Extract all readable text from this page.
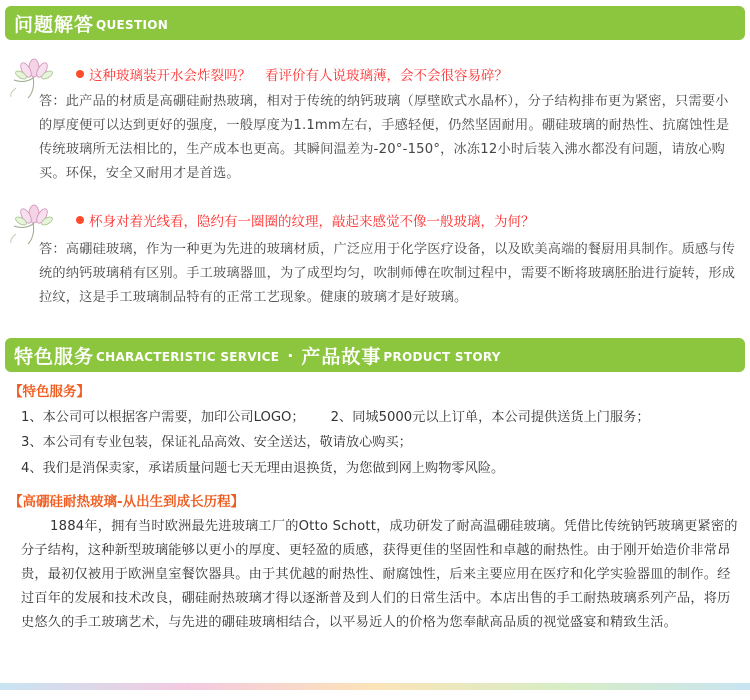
问题解答 QUESTION
这种玻璃装开水会炸裂吗？ 看评价有人说玻璃薄，会不会很容易碎？
答：此产品的材质是高硼硅耐热玻璃，相对于传统的纳钙玻璃（厚壁欧式水晶杯），分子结构排布更为紧密，只需要小的厚度便可以达到更好的强度，一般厚度为1.1mm左右，手感轻便，仍然坚固耐用。硼硅玻璃的耐热性、抗腐蚀性是传统玻璃所无法相比的，生产成本也更高。其瞬间温差为-20°-150°，冰冻12小时后装入沸水都没有问题，请放心购买。环保，安全又耐用才是首选。
杯身对着光线看，隐约有一圈圈的纹理，敲起来感觉不像一般玻璃，为何？
答：高硼硅玻璃，作为一种更为先进的玻璃材质，广泛应用于化学医疗设备，以及欧美高端的餐厨用具制作。质感与传统的纳钙玻璃稍有区别。手工玻璃器皿，为了成型均匀，吹制师傅在吹制过程中，需要不断将玻璃胚胎进行旋转，形成拉纹，这是手工玻璃制品特有的正常工艺现象。健康的玻璃才是好玻璃。
特色服务 CHARACTERISTIC SERVICE · 产品故事 PRODUCT STORY
【特色服务】
1、本公司可以根据客户需要，加印公司LOGO； 2、同城5000元以上订单，本公司提供送货上门服务；
3、本公司有专业包装，保证礼品高效、安全送达，敬请放心购买；
4、我们是消保卖家，承诺质量问题七天无理由退换货，为您做到网上购物零风险。
【高硼硅耐热玻璃-从出生到成长历程】
1884年，拥有当时欧洲最先进玻璃工厂的Otto Schott，成功研发了耐高温硼硅玻璃。凭借比传统钠钙玻璃更紧密的分子结构，这种新型玻璃能够以更小的厚度、更轻盈的质感，获得更佳的坚固性和卓越的耐热性。由于刚开始造价非常昂贵，最初仅被用于欧洲皇室餐饮器具。由于其优越的耐热性、耐腐蚀性，后来主要应用在医疗和化学实验器皿的制作。经过百年的发展和技术改良，硼硅耐热玻璃才得以逐渐普及到人们的日常生活中。本店出售的手工耐热玻璃系列产品，将历史悠久的手工玻璃艺术，与先进的硼硅玻璃相结合，以平易近人的价格为您奉献高品质的视觉盛宴和精致生活。
